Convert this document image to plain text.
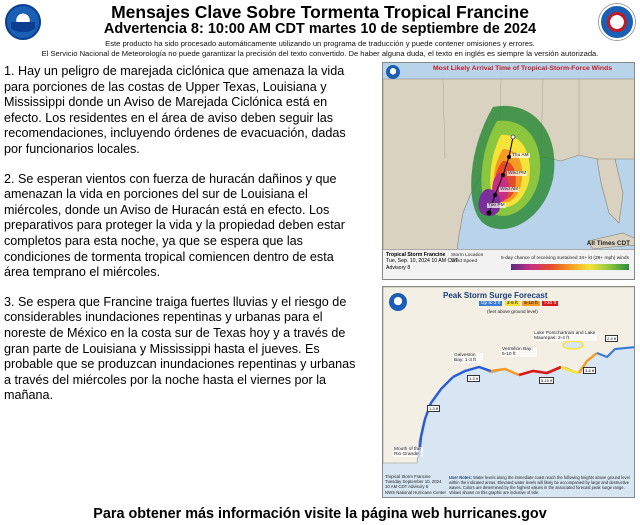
Mensajes Clave Sobre Tormenta Tropical Francine
Advertencia 8: 10:00 AM CDT martes 10 de septiembre de 2024
Este producto ha sido procesado automáticamente utilizando un programa de traducción y puede contener omisiones y errores.
El Servicio Nacional de Meteorología no puede garantizar la precisión del texto convertido. De haber alguna duda, el texto en inglés es siempre la versión autorizada.

1. Hay un peligro de marejada ciclónica que amenaza la vida para porciones de las costas de Upper Texas, Louisiana y Mississippi donde un Aviso de Marejada Ciclónica está en efecto. Los residentes en el área de aviso deben seguir las recomendaciones, incluyendo órdenes de evacuación, dadas por funcionarios locales.

2. Se esperan vientos con fuerza de huracán dañinos y que amenazan la vida en porciones del sur de Louisiana el miércoles, donde un Aviso de Huracán está en efecto. Los preparativos para proteger la vida y la propiedad deben estar completos para esta noche, ya que se espera que las condiciones de tormenta tropical comiencen dentro de esta área temprano el miércoles.

3. Se espera que Francine traiga fuertes lluvias y el riesgo de considerables inundaciones repentinas y urbanas para el noreste de México en la costa sur de Texas hoy y a través de gran parte de Louisiana y Mississippi hasta el jueves. Es probable que se produzcan inundaciones repentinas y urbanas a través del miércoles por la noche hasta el viernes por la mañana.

Most Likely Arrival Time of Tropical-Storm-Force Winds
Thu AM
Wed PM
Wed AM
Tue PM
All Times CDT
Tropical Storm Francine
Tue, Sep. 10, 2024 10 AM CDT
Advisory 8
Storm Location
Wind Speed
5-day chance of receiving sustained 34+ kt (39+ mph) winds
Peak Storm Surge Forecast
Up to 3 ft 3-5 ft 5-10 ft >10 ft
(feet above ground level)
Lake Pontchartrain and Lake Maurepas: 2-4 ft
Vermilion Bay: 5-10 ft
Galveston Bay: 1-3 ft
Mouth of the Rio Grande
3-5 ft
5-10 ft
1-3 ft
2-4 ft
1-3 ft
Tropical Storm Francine
Tuesday September 10, 2024
10 AM CDT Advisory 8
NWS National Hurricane Center
User Notes: Water levels along the immediate coast reach the following heights above ground level within the indicated areas. Elevated water levels will likely be accompanied by large and destructive waves. Colors are determined by the highest values in the associated forecast peak surge range. Values shown on this graphic are inclusive of tide.
Para obtener más información visite la página web hurricanes.gov
